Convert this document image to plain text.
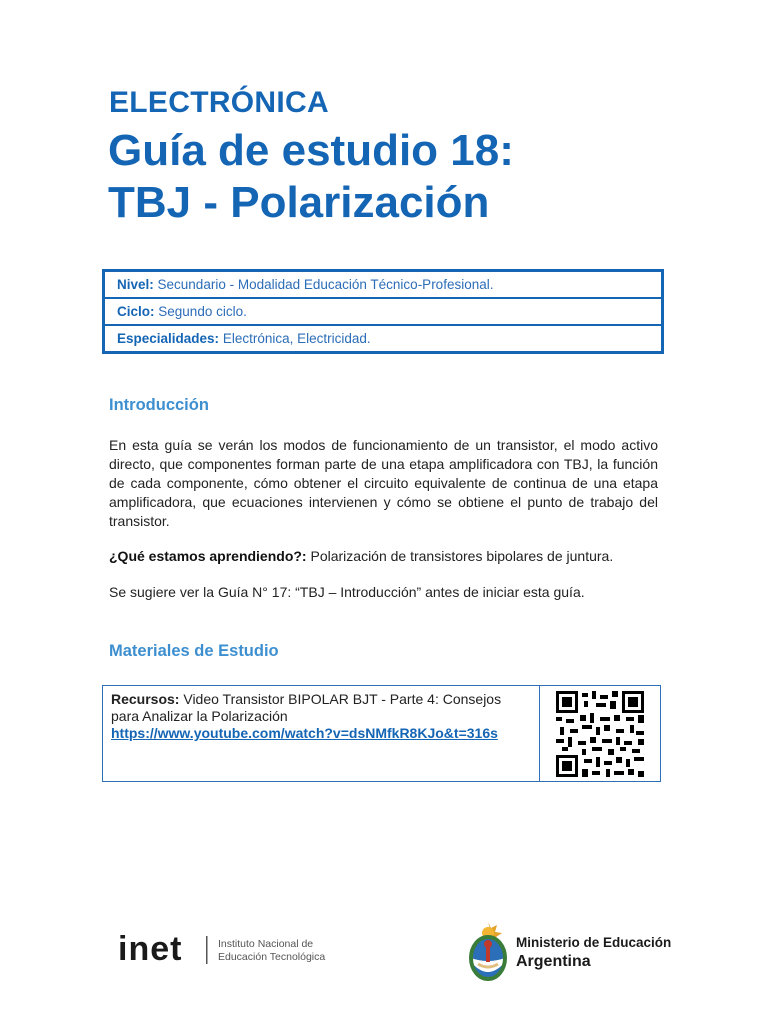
ELECTRÓNICA
Guía de estudio 18:
TBJ - Polarización
Nivel: Secundario - Modalidad Educación Técnico-Profesional.
Ciclo: Segundo ciclo.
Especialidades: Electrónica, Electricidad.
Introducción
En esta guía se verán los modos de funcionamiento de un transistor, el modo activo directo, que componentes forman parte de una etapa amplificadora con TBJ, la función de cada componente, cómo obtener el circuito equivalente de continua de una etapa amplificadora, que ecuaciones intervienen y cómo se obtiene el punto de trabajo del transistor.
¿Qué estamos aprendiendo?: Polarización de transistores bipolares de juntura.
Se sugiere ver la Guía N° 17: “TBJ – Introducción” antes de iniciar esta guía.
Materiales de Estudio
Recursos: Video Transistor BIPOLAR BJT - Parte 4: Consejos para Analizar la Polarización
https://www.youtube.com/watch?v=dsNMfkR8KJo&t=316s
inet	Instituto Nacional de
Educación Tecnológica
Ministerio de Educación
Argentina
